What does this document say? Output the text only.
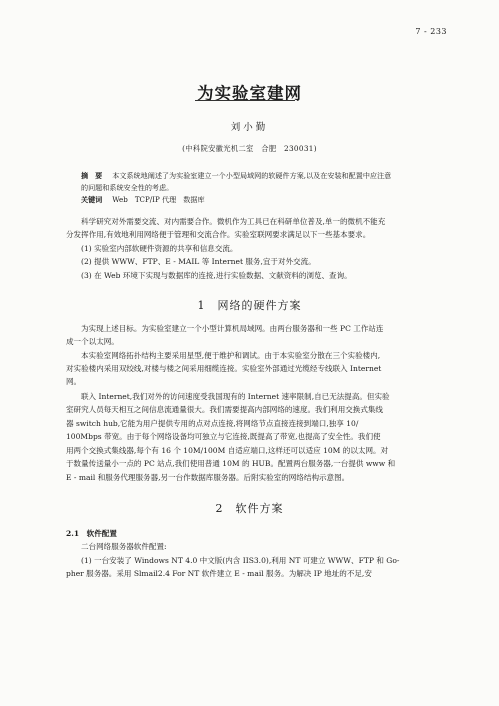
7 - 233
为实验室建网
刘小勤
(中科院安徽光机二室　合肥　230031)
摘　要 本文系统地阐述了为实验室建立一个小型局域网的软硬件方案,以及在安装和配置中应注意
的问题和系统安全性的考虑。
关键词 Web　TCP/IP 代理　数据库
科学研究对外需要交流、对内需要合作。微机作为工具已在科研单位普及,单一的微机不能充
分发挥作用,有效地利用网络便于管理和交流合作。实验室联网要求满足以下一些基本要求。
(1) 实验室内部软硬件资源的共享和信息交流。
(2) 提供 WWW、FTP、E - MAIL 等 Internet 服务,宜于对外交流。
(3) 在 Web 环境下实现与数据库的连接,进行实验数据、文献资料的浏览、查询。
1　网络的硬件方案
为实现上述目标。为实验室建立一个小型计算机局域网。由两台服务器和一些 PC 工作站连
成一个以太网。
本实验室网络拓扑结构主要采用星型,便于维护和调试。由于本实验室分散在三个实验楼内,
对实验楼内采用双绞线,对楼与楼之间采用细缆连接。实验室外部通过光缆经专线联入 Internet
网。
联入 Internet,我们对外的访问速度受我国现有的 Internet 速率限制,自已无法提高。但实验
室研究人员每天相互之间信息流通量很大。我们需要提高内部网络的速度。我们利用交换式集线
器 switch hub,它能为用户提供专用的点对点连接,将网络节点直接连接到端口,独享 10/
100Mbps 带宽。由于每个网络设备均可独立与它连接,既提高了带宽,也提高了安全性。我们使
用两个交换式集线器,每个有 16 个 10M/100M 自适应端口,这样还可以适应 10M 的以太网。对
于数量传送量小一点的 PC 站点,我们使用普通 10M 的 HUB。配置两台服务器,一台提供 www 和
E - mail 和服务代理服务器,另一台作数据库服务器。后附实验室的网络结构示意图。
2　软件方案
2.1　软件配置
二台网络服务器软件配置:
(1) 一台安装了 Windows NT 4.0 中文版(内含 IIS3.0),利用 NT 可建立 WWW、FTP 和 Go-
pher 服务器。采用 Slmail2.4 For NT 软件建立 E - mail 服务。为解决 IP 地址的不足,安
